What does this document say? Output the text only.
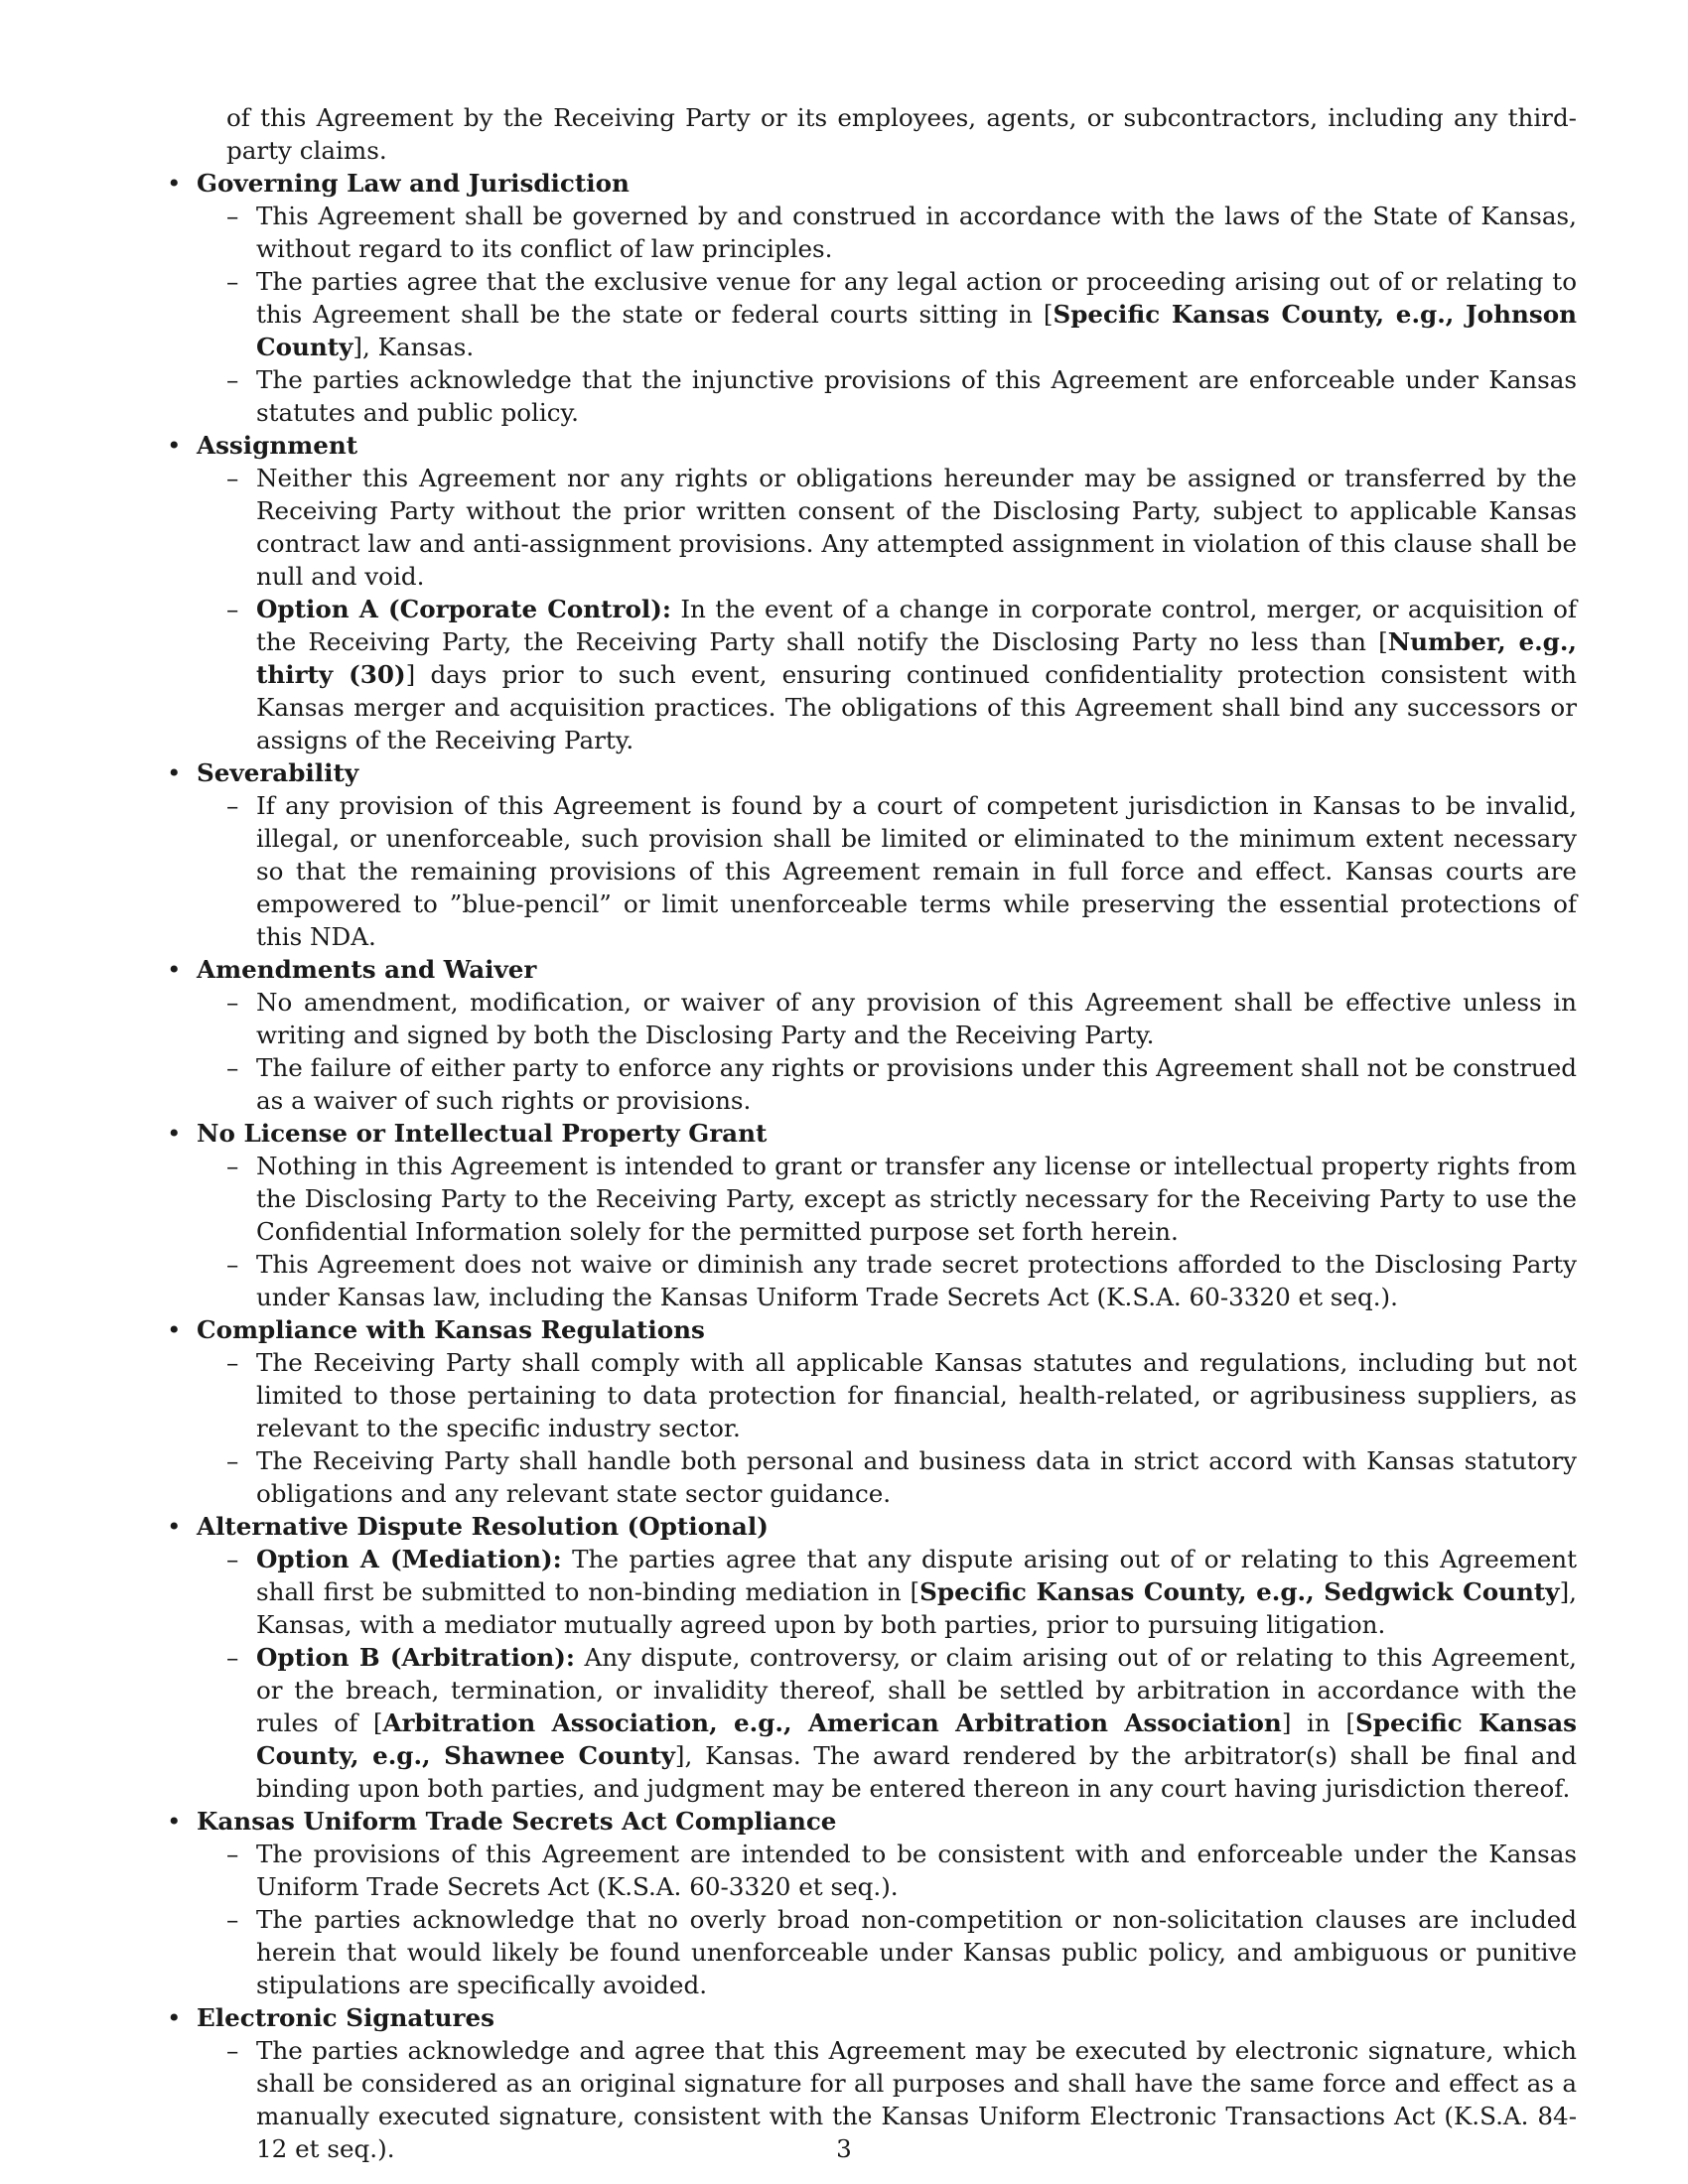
of this Agreement by the Receiving Party or its employees, agents, or subcontractors, including any third-party claims.
• Governing Law and Jurisdiction
– This Agreement shall be governed by and construed in accordance with the laws of the State of Kansas, without regard to its conflict of law principles.
– The parties agree that the exclusive venue for any legal action or proceeding arising out of or relating to this Agreement shall be the state or federal courts sitting in [Specific Kansas County, e.g., Johnson County], Kansas.
– The parties acknowledge that the injunctive provisions of this Agreement are enforceable under Kansas statutes and public policy.
• Assignment
– Neither this Agreement nor any rights or obligations hereunder may be assigned or transferred by the Receiving Party without the prior written consent of the Disclosing Party, subject to applicable Kansas contract law and anti-assignment provisions. Any attempted assignment in violation of this clause shall be null and void.
– Option A (Corporate Control): In the event of a change in corporate control, merger, or acquisition of the Receiving Party, the Receiving Party shall notify the Disclosing Party no less than [Number, e.g., thirty (30)] days prior to such event, ensuring continued confidentiality protection consistent with Kansas merger and acquisition practices. The obligations of this Agreement shall bind any successors or assigns of the Receiving Party.
• Severability
– If any provision of this Agreement is found by a court of competent jurisdiction in Kansas to be invalid, illegal, or unenforceable, such provision shall be limited or eliminated to the minimum extent necessary so that the remaining provisions of this Agreement remain in full force and effect. Kansas courts are empowered to ”blue-pencil” or limit unenforceable terms while preserving the essential protections of this NDA.
• Amendments and Waiver
– No amendment, modification, or waiver of any provision of this Agreement shall be effective unless in writing and signed by both the Disclosing Party and the Receiving Party.
– The failure of either party to enforce any rights or provisions under this Agreement shall not be construed as a waiver of such rights or provisions.
• No License or Intellectual Property Grant
– Nothing in this Agreement is intended to grant or transfer any license or intellectual property rights from the Disclosing Party to the Receiving Party, except as strictly necessary for the Receiving Party to use the Confidential Information solely for the permitted purpose set forth herein.
– This Agreement does not waive or diminish any trade secret protections afforded to the Disclosing Party under Kansas law, including the Kansas Uniform Trade Secrets Act (K.S.A. 60-3320 et seq.).
• Compliance with Kansas Regulations
– The Receiving Party shall comply with all applicable Kansas statutes and regulations, including but not limited to those pertaining to data protection for financial, health-related, or agribusiness suppliers, as relevant to the specific industry sector.
– The Receiving Party shall handle both personal and business data in strict accord with Kansas statutory obligations and any relevant state sector guidance.
• Alternative Dispute Resolution (Optional)
– Option A (Mediation): The parties agree that any dispute arising out of or relating to this Agreement shall first be submitted to non-binding mediation in [Specific Kansas County, e.g., Sedgwick County], Kansas, with a mediator mutually agreed upon by both parties, prior to pursuing litigation.
– Option B (Arbitration): Any dispute, controversy, or claim arising out of or relating to this Agreement, or the breach, termination, or invalidity thereof, shall be settled by arbitration in accordance with the rules of [Arbitration Association, e.g., American Arbitration Association] in [Specific Kansas County, e.g., Shawnee County], Kansas. The award rendered by the arbitrator(s) shall be final and binding upon both parties, and judgment may be entered thereon in any court having jurisdiction thereof.
• Kansas Uniform Trade Secrets Act Compliance
– The provisions of this Agreement are intended to be consistent with and enforceable under the Kansas Uniform Trade Secrets Act (K.S.A. 60-3320 et seq.).
– The parties acknowledge that no overly broad non-competition or non-solicitation clauses are included herein that would likely be found unenforceable under Kansas public policy, and ambiguous or punitive stipulations are specifically avoided.
• Electronic Signatures
– The parties acknowledge and agree that this Agreement may be executed by electronic signature, which shall be considered as an original signature for all purposes and shall have the same force and effect as a manually executed signature, consistent with the Kansas Uniform Electronic Transactions Act (K.S.A. 84-12 et seq.).	3
